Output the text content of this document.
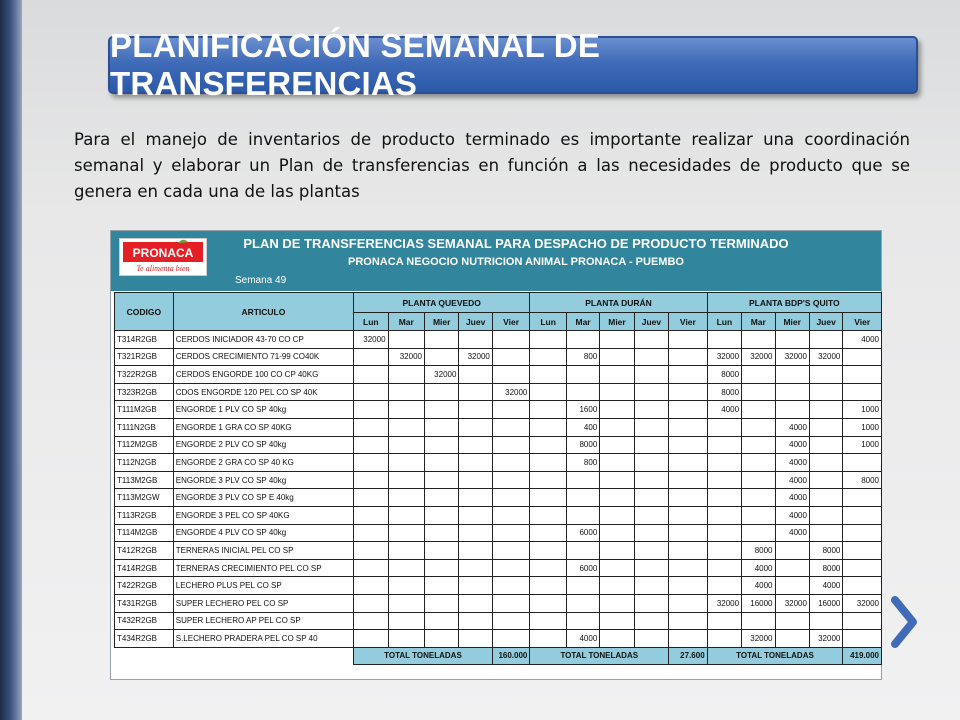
PLANIFICACIÓN SEMANAL DE TRANSFERENCIAS

Para el manejo de inventarios de producto terminado es importante realizar una coordinación semanal y elaborar un Plan de transferencias en función a las necesidades de producto que se genera en cada una de las plantas

PRONACA
Te alimenta bien
PLAN DE TRANSFERENCIAS SEMANAL PARA DESPACHO DE PRODUCTO TERMINADO
PRONACA NEGOCIO NUTRICION ANIMAL PRONACA - PUEMBO
Semana 49
CODIGO	ARTICULO	PLANTA QUEVEDO					PLANTA DURÁN					PLANTA BDP'S QUITO				
		Lun	Mar	Mier	Juev	Vier	Lun	Mar	Mier	Juev	Vier	Lun	Mar	Mier	Juev	Vier
T314R2GB	CERDOS INICIADOR 43-70 CO CP	32000														4000
T321R2GB	CERDOS CRECIMIENTO 71-99 CO40K		32000		32000			800				32000	32000	32000	32000	
T322R2GB	CERDOS ENGORDE 100 CO CP 40KG			32000								8000				
T323R2GB	CDOS ENGORDE 120 PEL CO SP 40K					32000						8000				
T111M2GB	ENGORDE 1 PLV CO SP 40kg							1600				4000				1000
T111N2GB	ENGORDE 1 GRA CO SP 40KG							400						4000		1000
T112M2GB	ENGORDE 2 PLV CO SP 40kg							8000						4000		1000
T112N2GB	ENGORDE 2 GRA CO SP 40 KG							800						4000		
T113M2GB	ENGORDE 3 PLV CO SP 40kg													4000		8000
T113M2GW	ENGORDE 3 PLV CO SP E 40kg													4000		
T113R2GB	ENGORDE 3 PEL CO SP 40KG													4000		
T114M2GB	ENGORDE 4 PLV CO SP 40kg							6000						4000		
T412R2GB	TERNERAS INICIAL PEL CO SP												8000		8000	
T414R2GB	TERNERAS CRECIMIENTO PEL CO SP							6000					4000		8000	
T422R2GB	LECHERO PLUS PEL CO SP												4000		4000	
T431R2GB	SUPER LECHERO PEL CO SP											32000	16000	32000	16000	32000
T432R2GB	SUPER LECHERO AP PEL CO SP															
T434R2GB	S.LECHERO PRADERA PEL CO SP 40							4000					32000		32000	
		TOTAL TONELADAS				160.000	TOTAL TONELADAS				27.600	TOTAL TONELADAS				419.000
